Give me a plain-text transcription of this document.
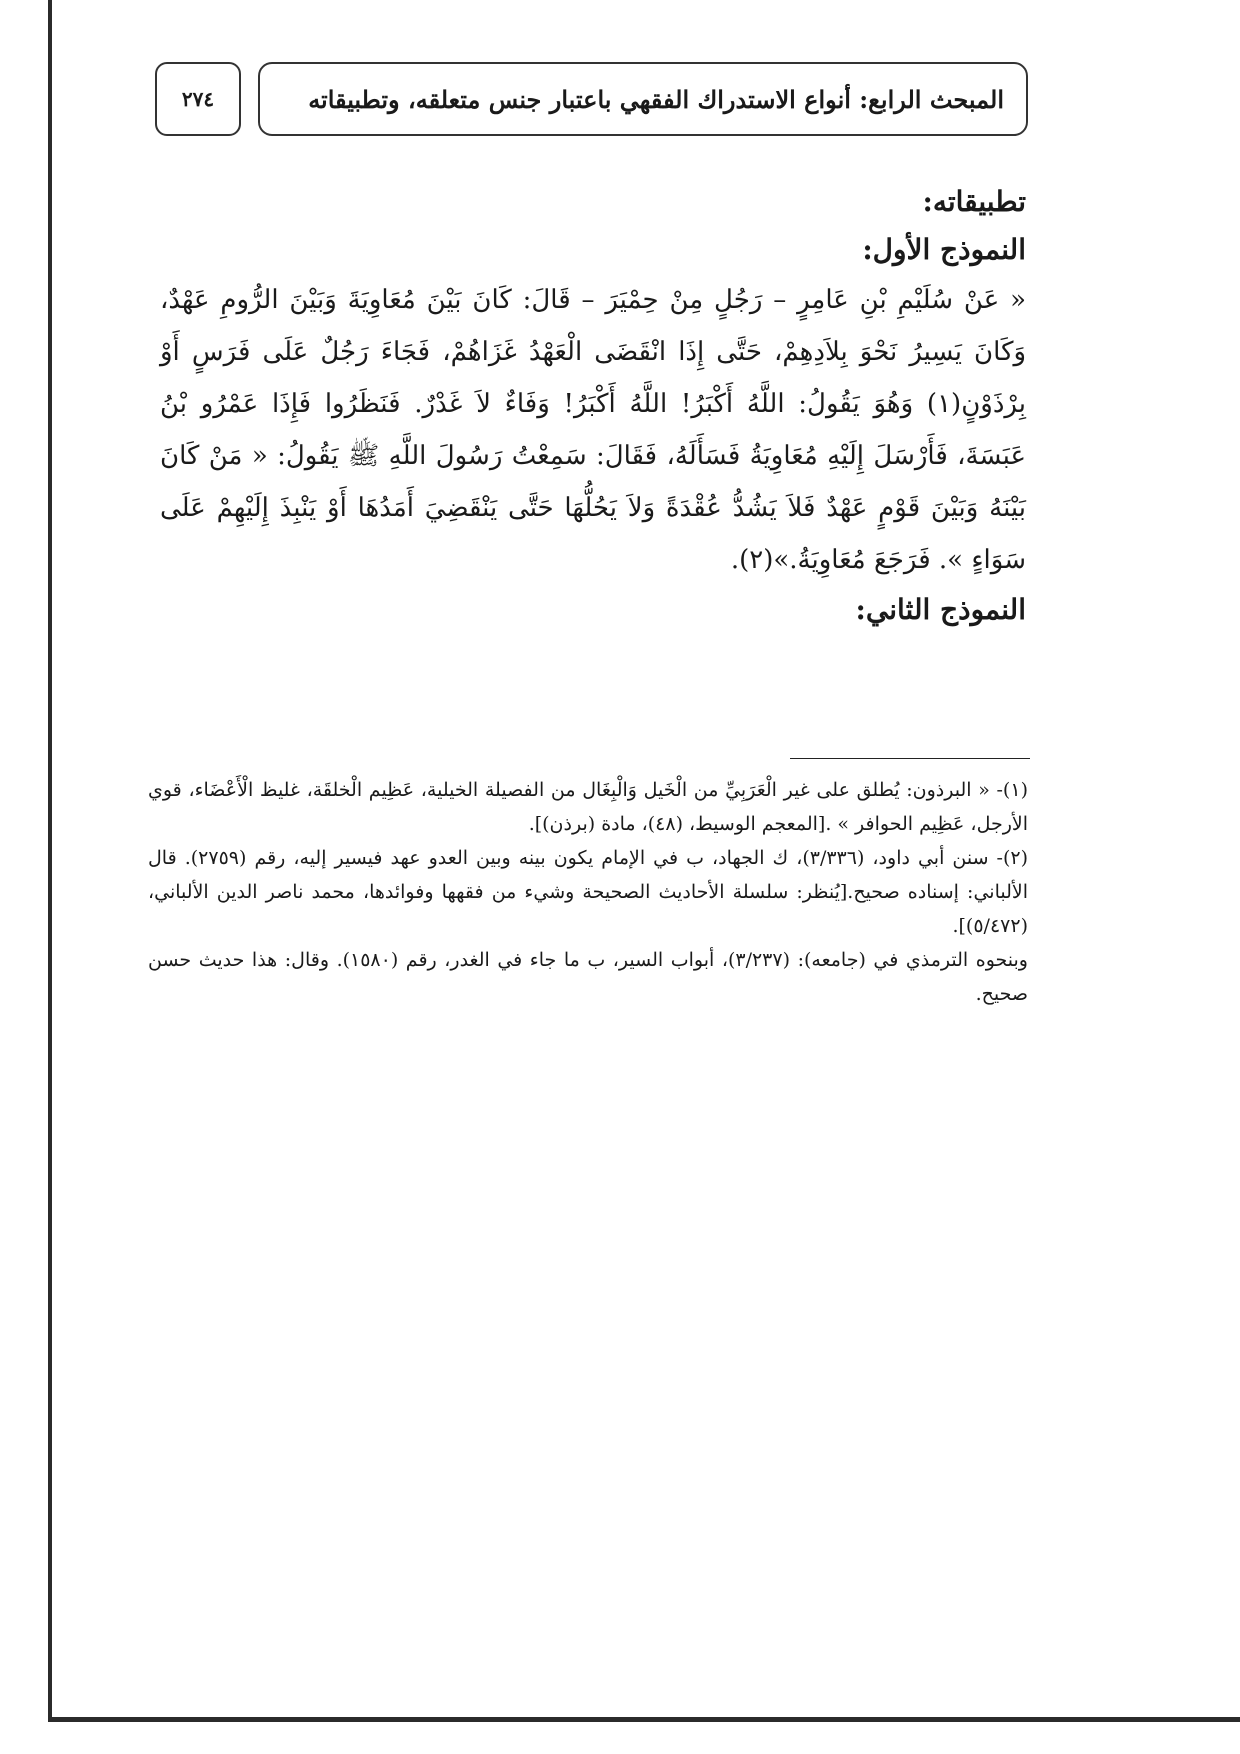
٢٧٤	المبحث الرابع: أنواع الاستدراك الفقهي باعتبار جنس متعلقه، وتطبيقاته

تطبيقاته:

النموذج الأول:

« عَنْ سُلَيْمِ بْنِ عَامِرٍ – رَجُلٍ مِنْ حِمْيَرَ – قَالَ: كَانَ بَيْنَ مُعَاوِيَةَ وَبَيْنَ الرُّومِ عَهْدٌ، وَكَانَ يَسِيرُ نَحْوَ بِلاَدِهِمْ، حَتَّى إِذَا انْقَضَى الْعَهْدُ غَزَاهُمْ، فَجَاءَ رَجُلٌ عَلَى فَرَسٍ أَوْ بِرْذَوْنٍ(١) وَهُوَ يَقُولُ: اللَّهُ أَكْبَرُ! اللَّهُ أَكْبَرُ! وَفَاءٌ لاَ غَدْرٌ. فَنَظَرُوا فَإِذَا عَمْرُو بْنُ عَبَسَةَ، فَأَرْسَلَ إِلَيْهِ مُعَاوِيَةُ فَسَأَلَهُ، فَقَالَ: سَمِعْتُ رَسُولَ اللَّهِ ﷺ يَقُولُ: « مَنْ كَانَ بَيْنَهُ وَبَيْنَ قَوْمٍ عَهْدٌ فَلاَ يَشُدُّ عُقْدَةً وَلاَ يَحُلُّهَا حَتَّى يَنْقَضِيَ أَمَدُهَا أَوْ يَنْبِذَ إِلَيْهِمْ عَلَى سَوَاءٍ ». فَرَجَعَ مُعَاوِيَةُ.»(٢).

النموذج الثاني:

(١)- « البرذون: يُطلق على غير الْعَرَبِيِّ من الْخَيل وَالْبِغَال من الفصيلة الخيلية، عَظِيم الْخلقَة، غليظ الْأَعْضَاء، قوي الأرجل، عَظِيم الحوافر » .[المعجم الوسيط، (٤٨)، مادة (برذن)].

(٢)- سنن أبي داود، (٣/٣٣٦)، ك الجهاد، ب في الإمام يكون بينه وبين العدو عهد فيسير إليه، رقم (٢٧٥٩). قال الألباني: إسناده صحيح.[يُنظر: سلسلة الأحاديث الصحيحة وشيء من فقهها وفوائدها، محمد ناصر الدين الألباني، (٥/٤٧٢)].

وبنحوه الترمذي في (جامعه): (٣/٢٣٧)، أبواب السير، ب ما جاء في الغدر، رقم (١٥٨٠). وقال: هذا حديث حسن صحيح.
